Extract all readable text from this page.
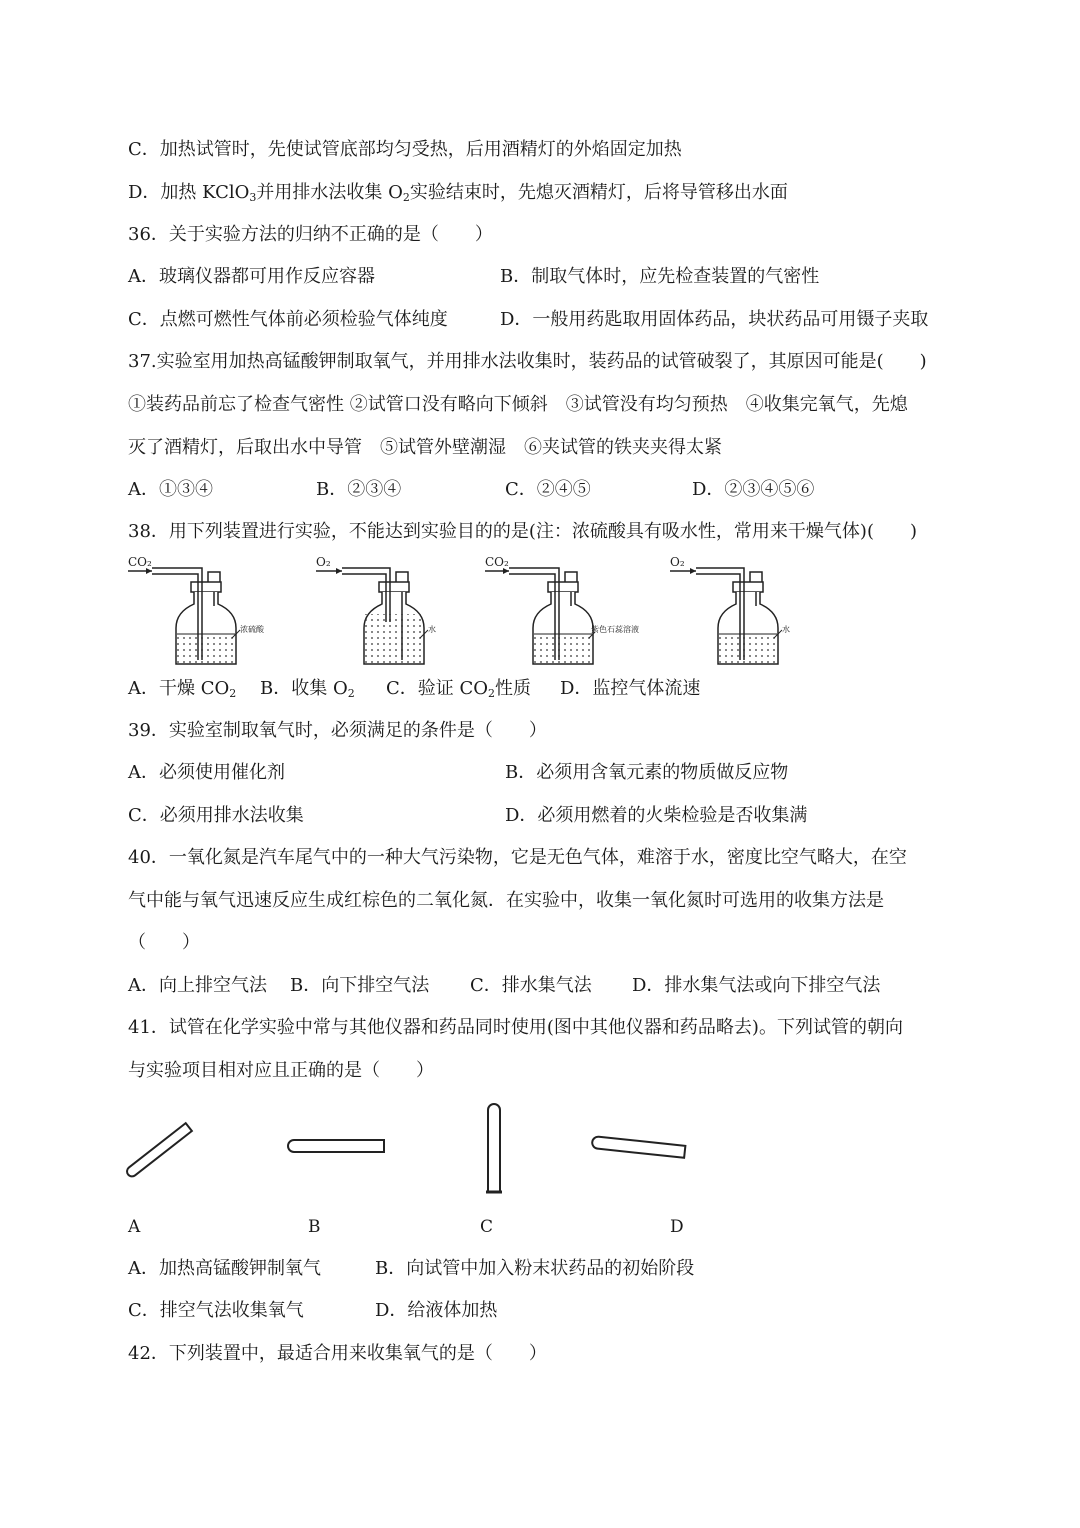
C．加热试管时，先使试管底部均匀受热，后用酒精灯的外焰固定加热
D．加热 KClO$_3$并用排水法收集 $O_2$实验结束时，先熄灭酒精灯，后将导管移出水面
36．关于实验方法的归纳不正确的是（　　）
A．玻璃仪器都可用作反应容器	B．制取气体时，应先检查装置的气密性
C．点燃可燃性气体前必须检验气体纯度	D．一般用药匙取用固体药品，块状药品可用镊子夹取
37.实验室用加热高锰酸钾制取氧气，并用排水法收集时，装药品的试管破裂了，其原因可能是(　　)
①装药品前忘了检查气密性 ②试管口没有略向下倾斜　③试管没有均匀预热　④收集完氧气，先熄
灭了酒精灯，后取出水中导管　⑤试管外壁潮湿　⑥夹试管的铁夹夹得太紧
A．①③④	B．②③④	C．②④⑤	D．②③④⑤⑥
38．用下列装置进行实验，不能达到实验目的的是(注：浓硫酸具有吸水性，常用来干燥气体)(　　)
CO₂
浓硫酸
O₂
水
CO₂
紫色石蕊溶液
O₂
水
A．干燥 $CO_2$ B．收集 $O_2$ C．验证 $CO_2$性质 D．监控气体流速
39．实验室制取氧气时，必须满足的条件是（　　）
A．必须使用催化剂	B．必须用含氧元素的物质做反应物
C．必须用排水法收集	D．必须用燃着的火柴检验是否收集满
40．一氧化氮是汽车尾气中的一种大气污染物，它是无色气体，难溶于水，密度比空气略大，在空
气中能与氧气迅速反应生成红棕色的二氧化氮．在实验中，收集一氧化氮时可选用的收集方法是
（　　）
A．向上排空气法 B．向下排空气法 C．排水集气法 D．排水集气法或向下排空气法
41．试管在化学实验中常与其他仪器和药品同时使用(图中其他仪器和药品略去)。下列试管的朝向
与实验项目相对应且正确的是（　　）
A	B	C	D
A．加热高锰酸钾制氧气	B．向试管中加入粉末状药品的初始阶段
C．排空气法收集氧气	D．给液体加热
42．下列装置中，最适合用来收集氧气的是（　　）
